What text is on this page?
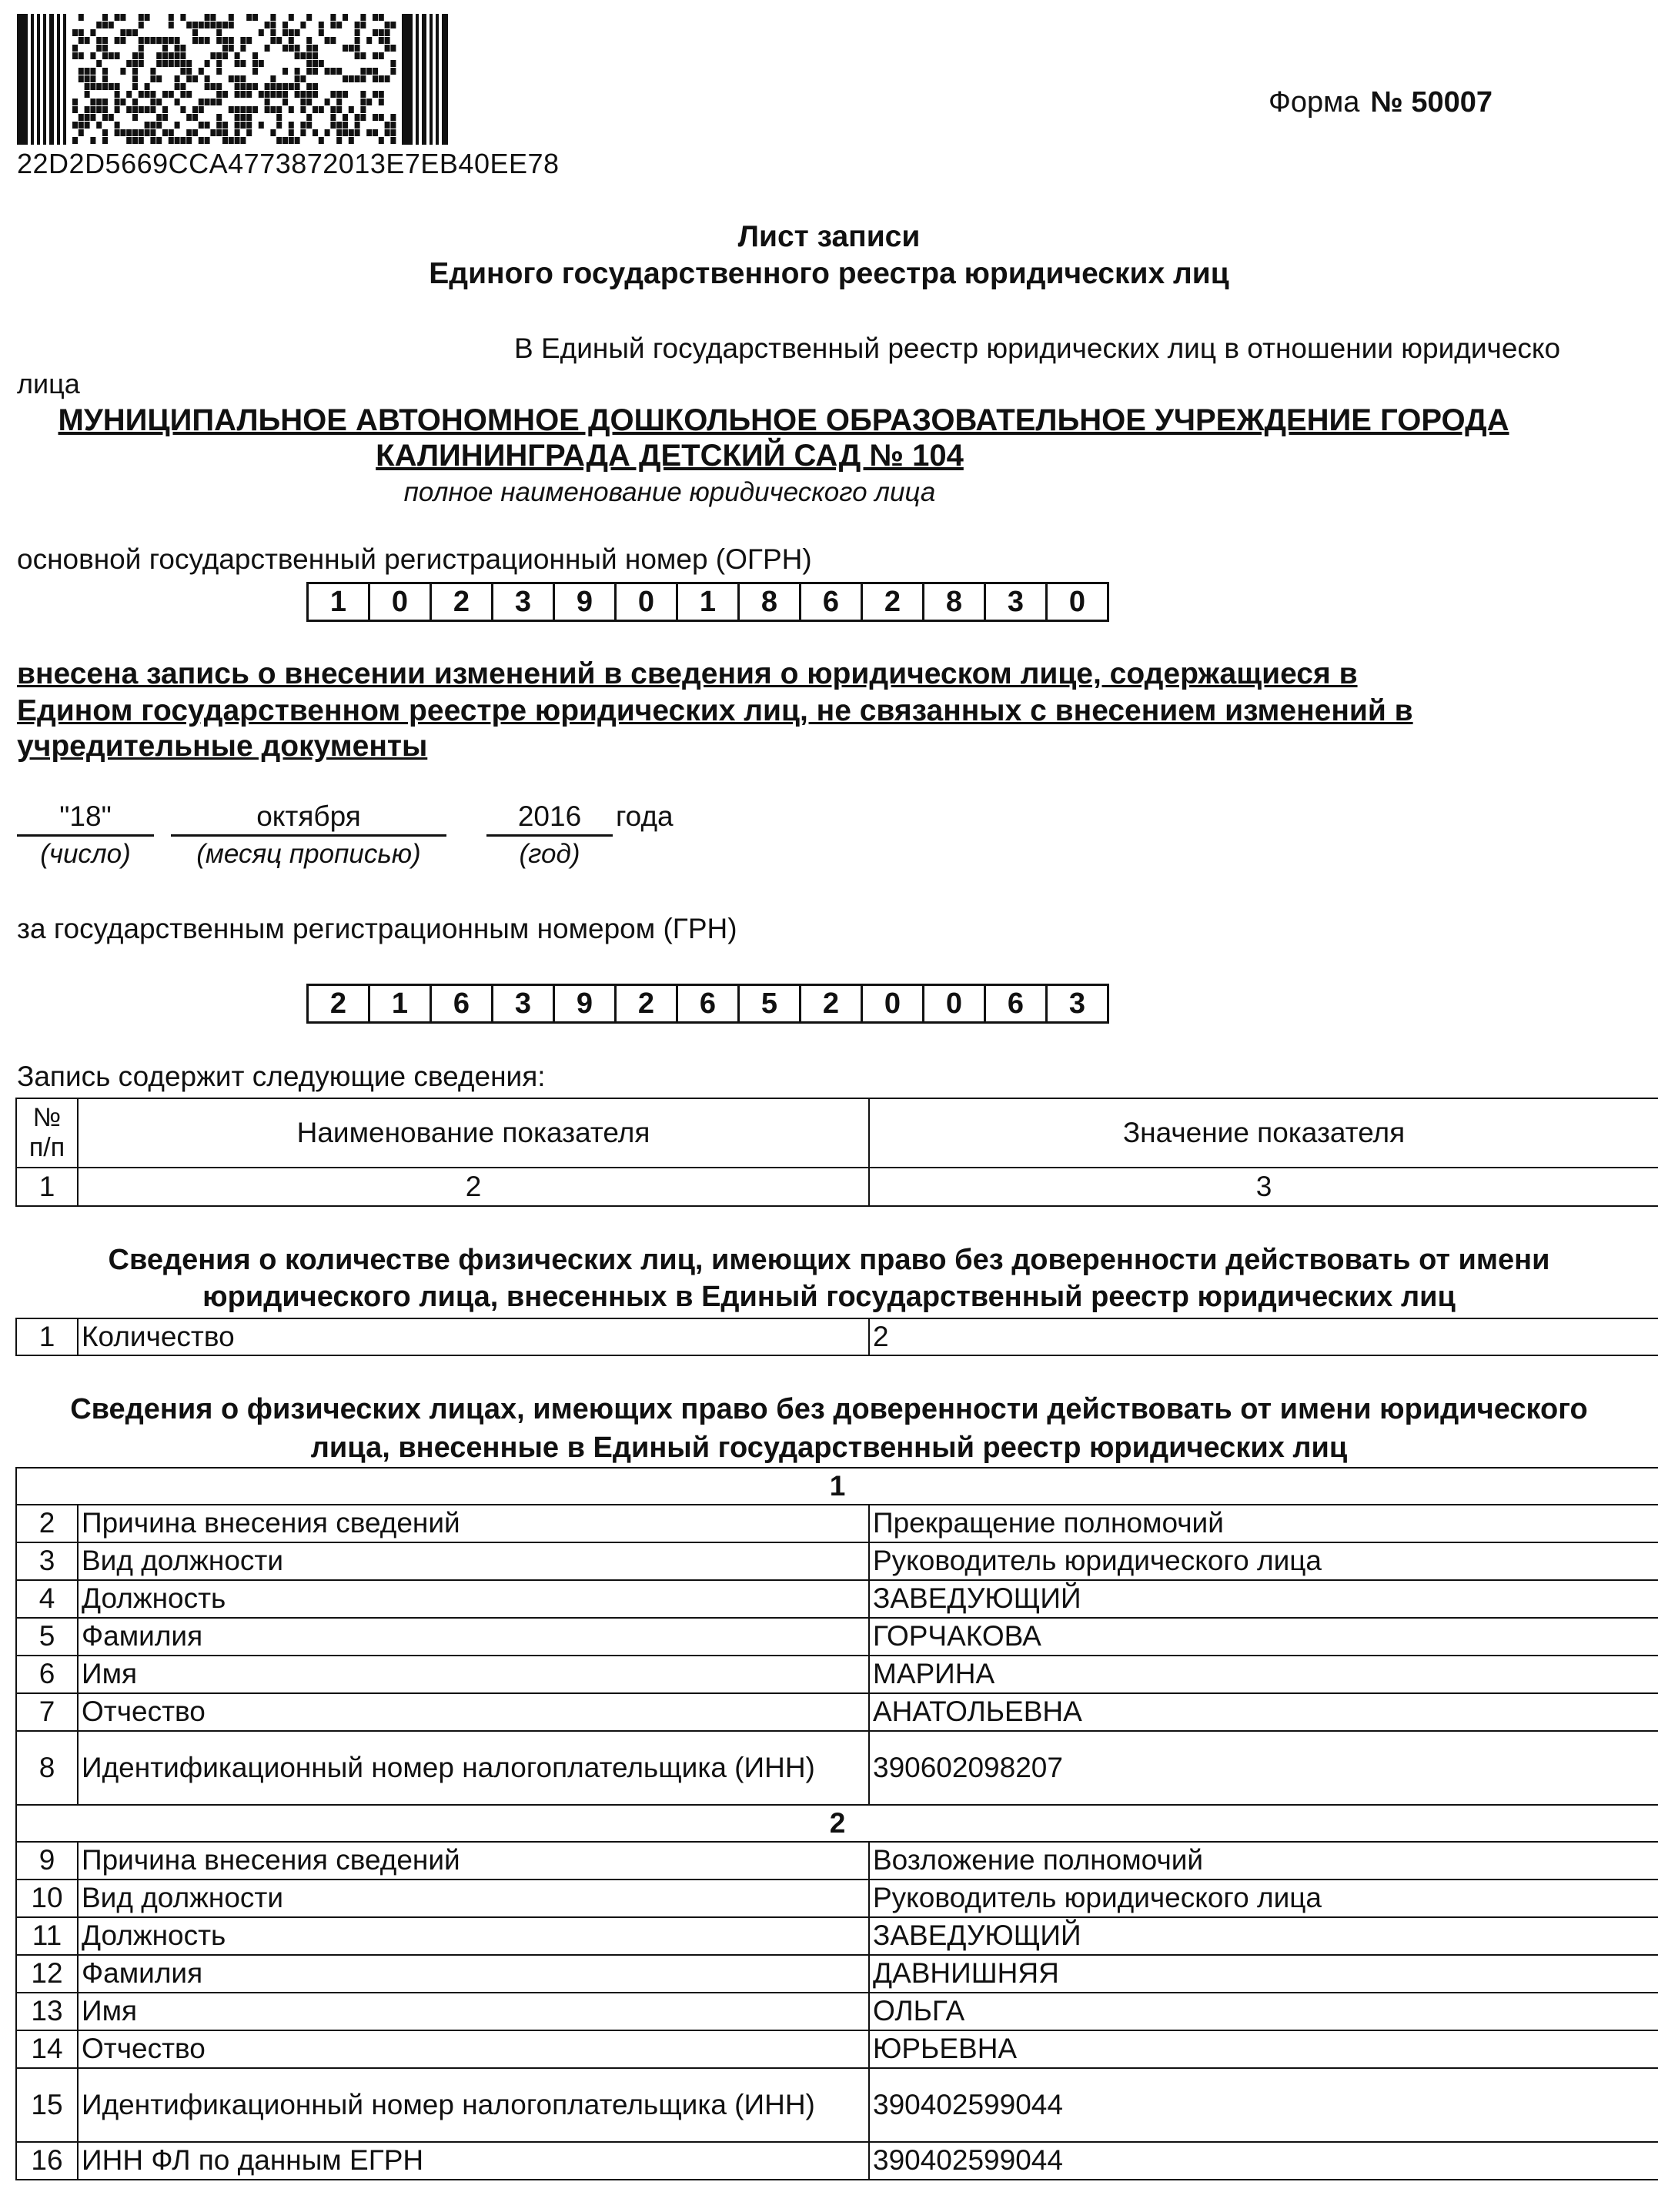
22D2D5669CCA4773872013E7EB40EE78
Форма № 50007
Лист записи
Единого государственного реестра юридических лиц
В Единый государственный реестр юридических лиц в отношении юридическо
лица
МУНИЦИПАЛЬНОЕ АВТОНОМНОЕ ДОШКОЛЬНОЕ ОБРАЗОВАТЕЛЬНОЕ УЧРЕЖДЕНИЕ ГОРОДА
КАЛИНИНГРАДА ДЕТСКИЙ САД № 104
полное наименование юридического лица
основной государственный регистрационный номер (ОГРН)
1	0	2	3	9	0	1	8	6	2	8	3	0
внесена запись о внесении изменений в сведения о юридическом лице, содержащиеся в
Едином государственном реестре юридических лиц, не связанных с внесением изменений в
учредительные документы
"18"	октября	2016	года
(число)	(месяц прописью)	(год)
за государственным регистрационным номером (ГРН)
2	1	6	3	9	2	6	5	2	0	0	6	3
Запись содержит следующие сведения:
№ п/п	Наименование показателя	Значение показателя
1	2	3
Сведения о количестве физических лиц, имеющих право без доверенности действовать от имени
юридического лица, внесенных в Единый государственный реестр юридических лиц
1	Количество	2
Сведения о физических лицах, имеющих право без доверенности действовать от имени юридического
лица, внесенные в Единый государственный реестр юридических лиц
1		
2	Причина внесения сведений	Прекращение полномочий
3	Вид должности	Руководитель юридического лица
4	Должность	ЗАВЕДУЮЩИЙ
5	Фамилия	ГОРЧАКОВА
6	Имя	МАРИНА
7	Отчество	АНАТОЛЬЕВНА
8	Идентификационный номер налогоплательщика (ИНН)	390602098207
2		
9	Причина внесения сведений	Возложение полномочий
10	Вид должности	Руководитель юридического лица
11	Должность	ЗАВЕДУЮЩИЙ
12	Фамилия	ДАВНИШНЯЯ
13	Имя	ОЛЬГА
14	Отчество	ЮРЬЕВНА
15	Идентификационный номер налогоплательщика (ИНН)	390402599044
16	ИНН ФЛ по данным ЕГРН	390402599044
